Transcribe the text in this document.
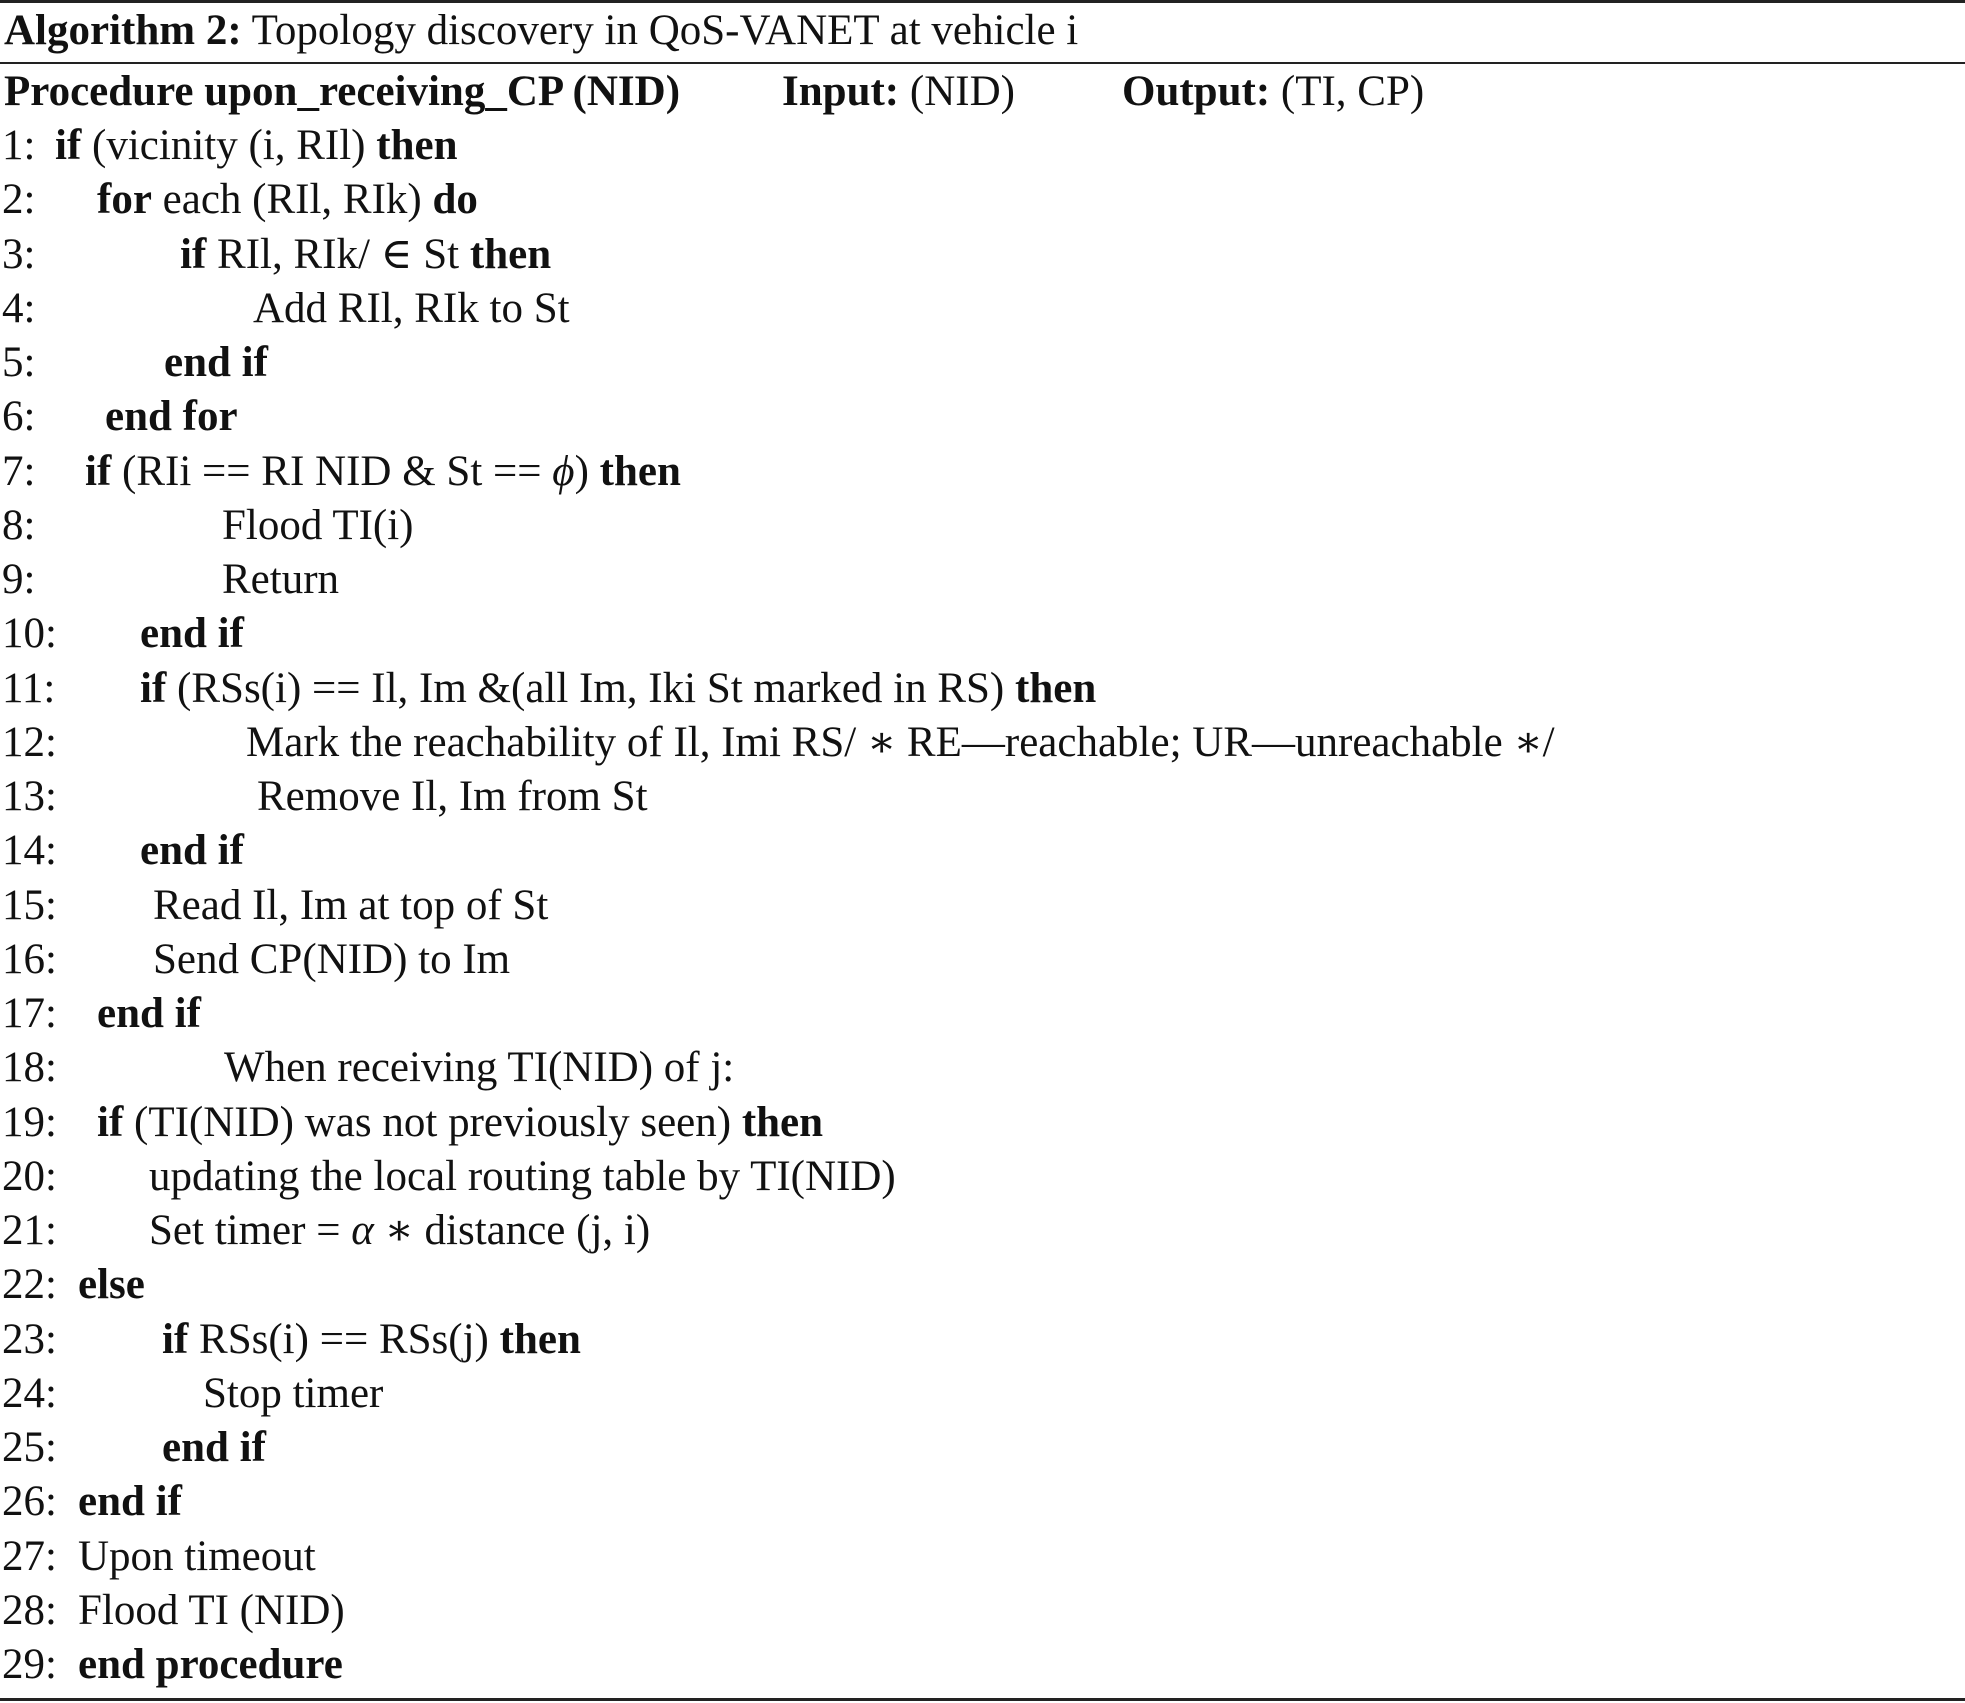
Algorithm 2: Topology discovery in QoS-VANET at vehicle i
Procedure upon_receiving_CP (NID) Input: (NID) Output: (TI, CP)
1: if (vicinity (i, RIl) then
2: for each (RIl, RIk) do
3:	if RIl, RIk/ ∈ St then
4:	Add RIl, RIk to St
5:	end if
6: end for
7: if (RIi == RI NID & St == ϕ) then
8:	Flood TI(i)
9:	Return
10: end if
11: if (RSs(i) == Il, Im &(all Im, Iki St marked in RS) then
12:	Mark the reachability of Il, Imi RS/ ∗ RE—reachable; UR—unreachable ∗/
13:	Remove Il, Im from St
14: end if
15: Read Il, Im at top of St
16: Send CP(NID) to Im
17: end if
18:	When receiving TI(NID) of j:
19: if (TI(NID) was not previously seen) then
20: updating the local routing table by TI(NID)
21: Set timer = α ∗ distance (j, i)
22: else
23: if RSs(i) == RSs(j) then
24:	Stop timer
25: end if
26: end if
27: Upon timeout
28: Flood TI (NID)
29: end procedure
